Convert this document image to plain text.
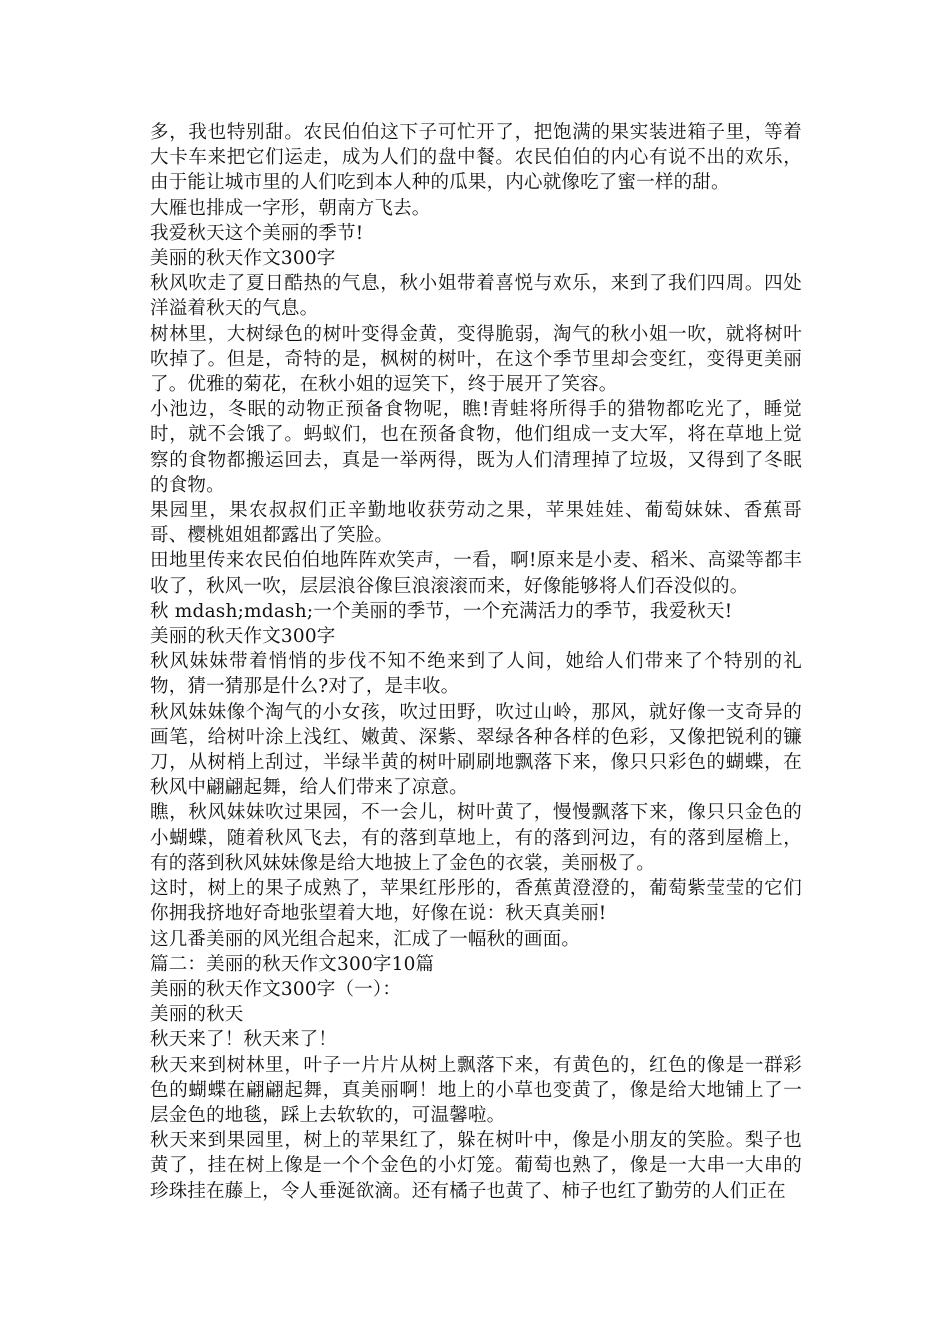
多，我也特别甜。农民伯伯这下子可忙开了，把饱满的果实装进箱子里，等着大卡车来把它们运走，成为人们的盘中餐。农民伯伯的内心有说不出的欢乐，由于能让城市里的人们吃到本人种的瓜果，内心就像吃了蜜一样的甜。

大雁也排成一字形，朝南方飞去。

我爱秋天这个美丽的季节!

美丽的秋天作文300字

秋风吹走了夏日酷热的气息，秋小姐带着喜悦与欢乐，来到了我们四周。四处洋溢着秋天的气息。

树林里，大树绿色的树叶变得金黄，变得脆弱，淘气的秋小姐一吹，就将树叶吹掉了。但是，奇特的是，枫树的树叶，在这个季节里却会变红，变得更美丽了。优雅的菊花，在秋小姐的逗笑下，终于展开了笑容。

小池边，冬眠的动物正预备食物呢，瞧!青蛙将所得手的猎物都吃光了，睡觉时，就不会饿了。蚂蚁们，也在预备食物，他们组成一支大军，将在草地上觉察的食物都搬运回去，真是一举两得，既为人们清理掉了垃圾，又得到了冬眠的食物。

果园里，果农叔叔们正辛勤地收获劳动之果，苹果娃娃、葡萄妹妹、香蕉哥哥、樱桃姐姐都露出了笑脸。

田地里传来农民伯伯地阵阵欢笑声，一看，啊!原来是小麦、稻米、高粱等都丰收了，秋风一吹，层层浪谷像巨浪滚滚而来，好像能够将人们吞没似的。

秋 mdash;mdash;一个美丽的季节，一个充满活力的季节，我爱秋天!

美丽的秋天作文300字

秋风妹妹带着悄悄的步伐不知不绝来到了人间，她给人们带来了个特别的礼物，猜一猜那是什么?对了，是丰收。

秋风妹妹像个淘气的小女孩，吹过田野，吹过山岭，那风，就好像一支奇异的画笔，给树叶涂上浅红、嫩黄、深紫、翠绿各种各样的色彩，又像把锐利的镰刀，从树梢上刮过，半绿半黄的树叶刷刷地飘落下来，像只只彩色的蝴蝶，在秋风中翩翩起舞，给人们带来了凉意。

瞧，秋风妹妹吹过果园，不一会儿，树叶黄了，慢慢飘落下来，像只只金色的小蝴蝶，随着秋风飞去，有的落到草地上，有的落到河边，有的落到屋檐上，有的落到秋风妹妹像是给大地披上了金色的衣裳，美丽极了。

这时，树上的果子成熟了，苹果红彤彤的，香蕉黄澄澄的，葡萄紫莹莹的它们你拥我挤地好奇地张望着大地，好像在说：秋天真美丽!

这几番美丽的风光组合起来，汇成了一幅秋的画面。

篇二：美丽的秋天作文300字10篇

美丽的秋天作文300字（一）：

美丽的秋天

秋天来了！秋天来了！

秋天来到树林里，叶子一片片从树上飘落下来，有黄色的，红色的像是一群彩色的蝴蝶在翩翩起舞，真美丽啊！地上的小草也变黄了，像是给大地铺上了一层金色的地毯，踩上去软软的，可温馨啦。

秋天来到果园里，树上的苹果红了，躲在树叶中，像是小朋友的笑脸。梨子也黄了，挂在树上像是一个个金色的小灯笼。葡萄也熟了，像是一大串一大串的珍珠挂在藤上，令人垂涎欲滴。还有橘子也黄了、柿子也红了勤劳的人们正在
